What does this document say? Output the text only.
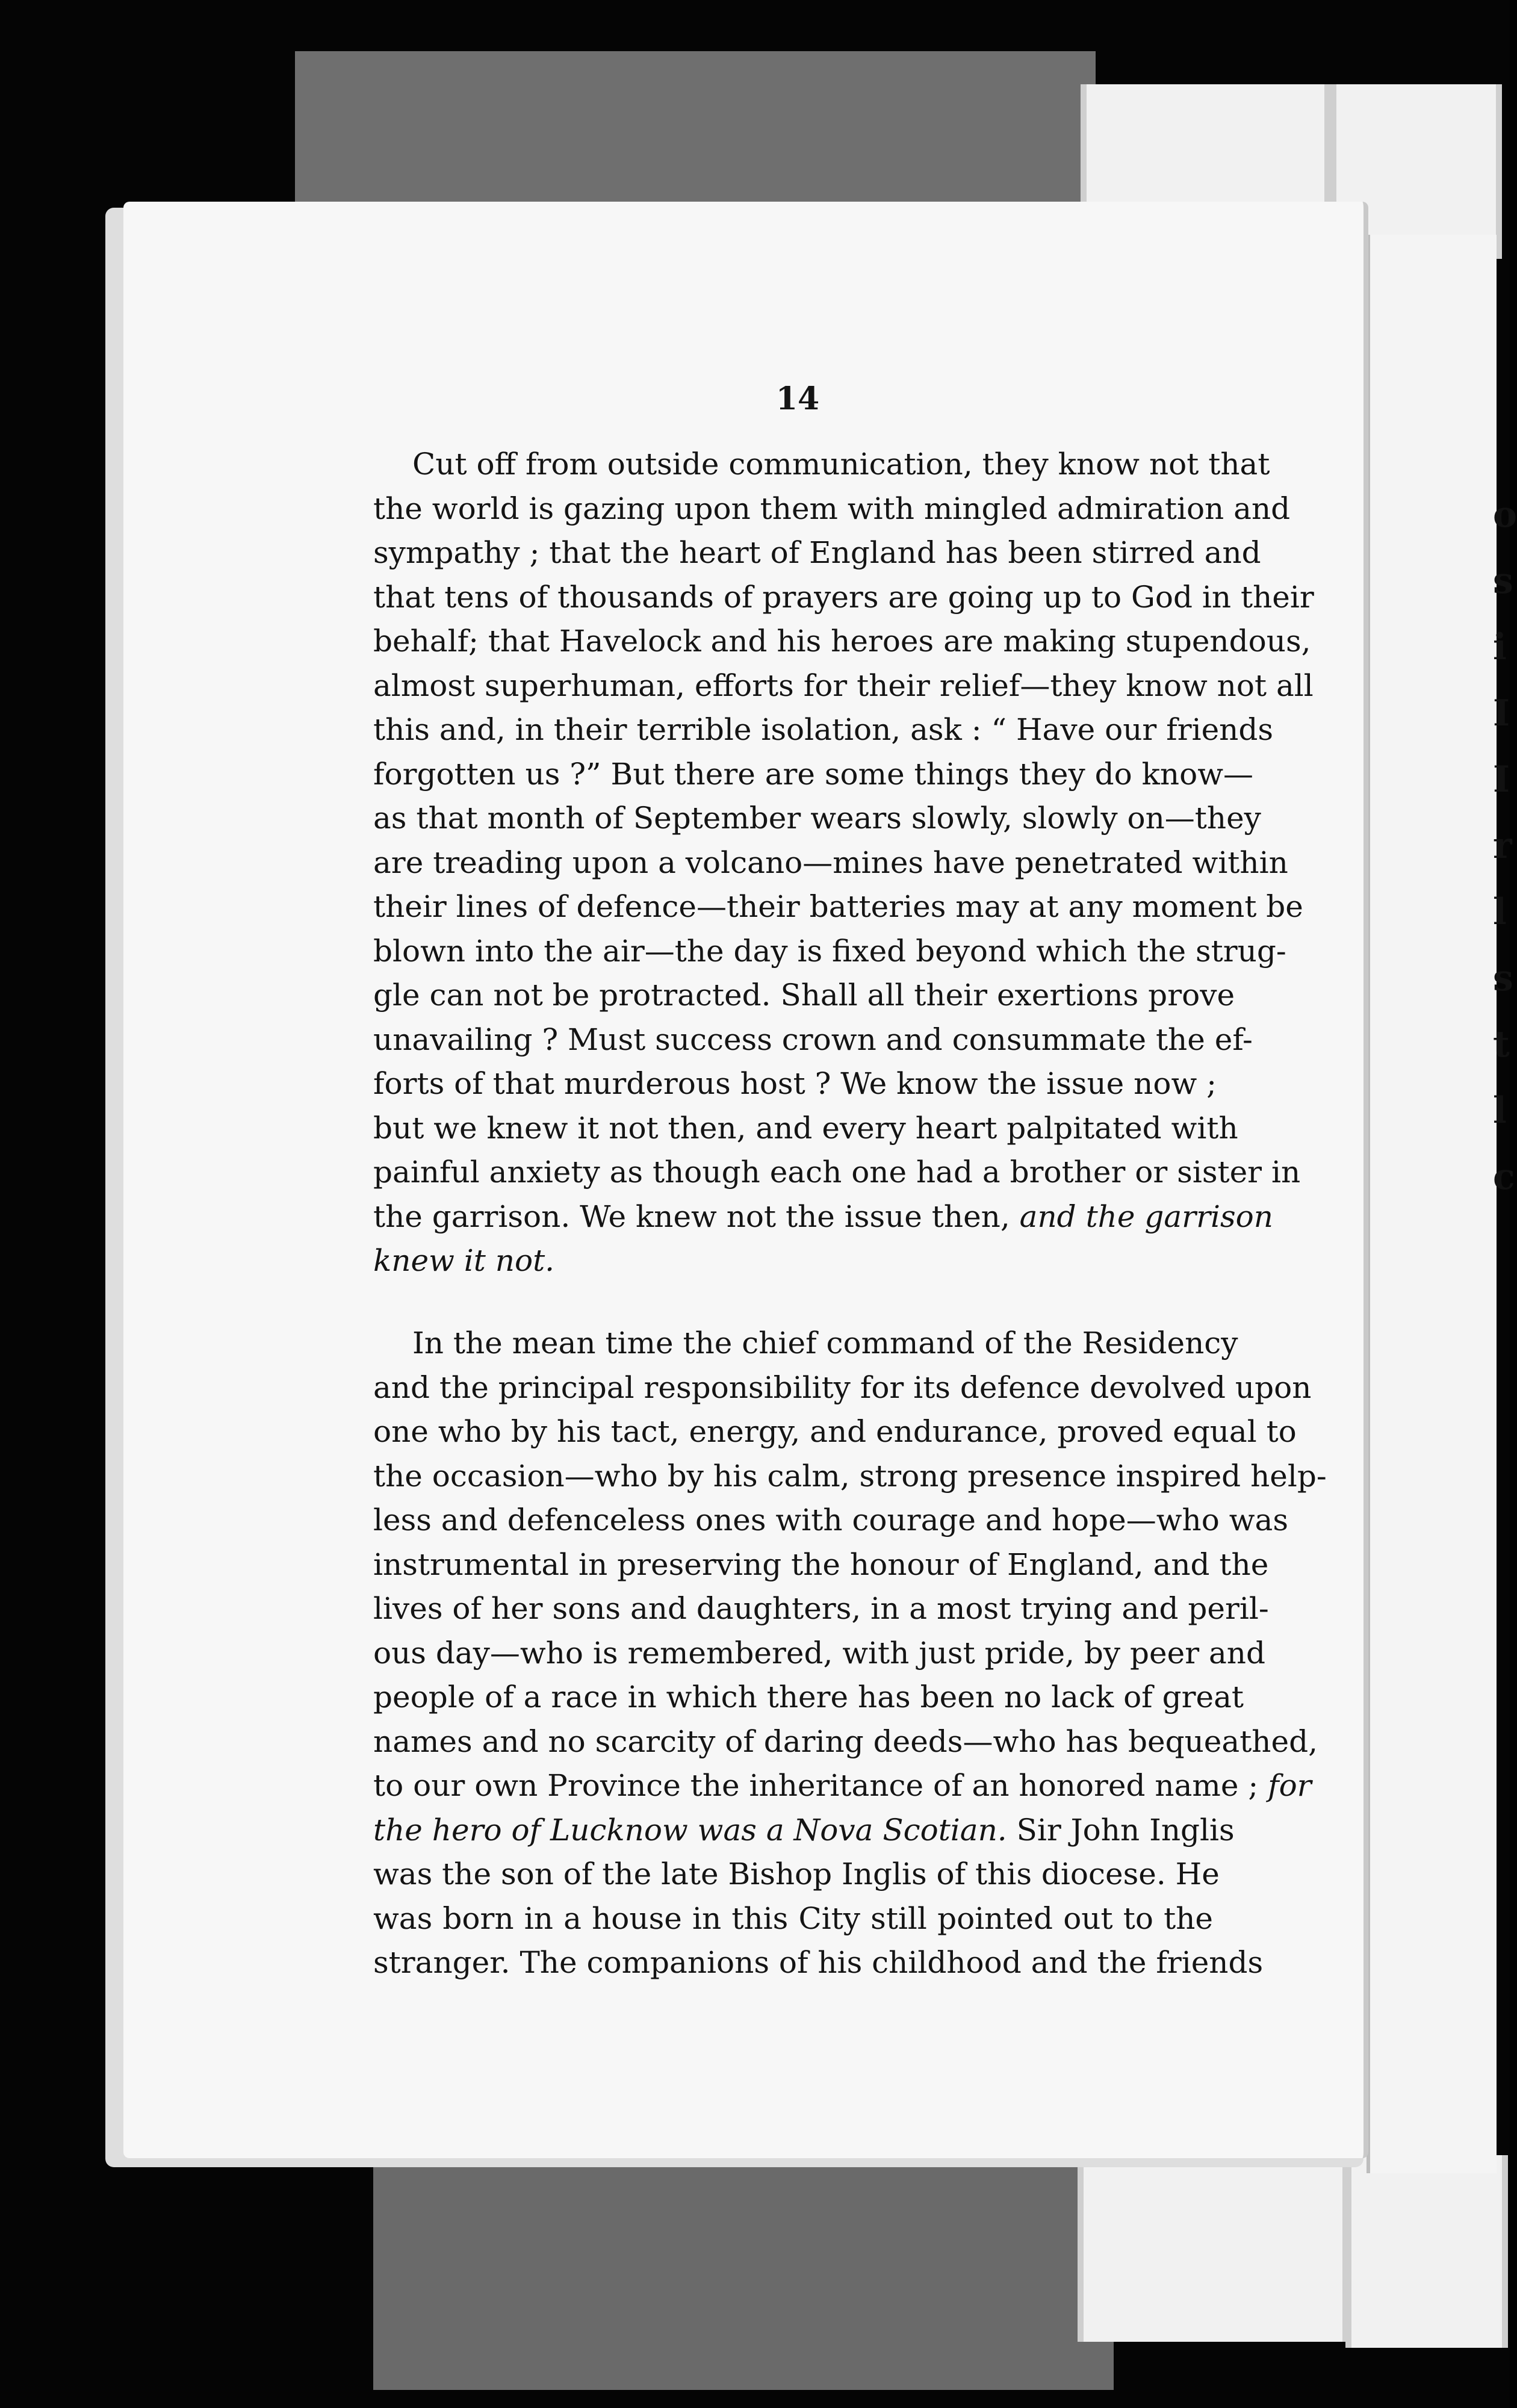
o
s
i
I
I
r
l
s
t
l
c
14
Cut off from outside communication, they know not that
the world is gazing upon them with mingled admiration and
sympathy ; that the heart of England has been stirred and
that tens of thousands of prayers are going up to God in their
behalf; that Havelock and his heroes are making stupendous,
almost superhuman, efforts for their relief—they know not all
this and, in their terrible isolation, ask : “ Have our friends
forgotten us ?” But there are some things they do know—
as that month of September wears slowly, slowly on—they
are treading upon a volcano—mines have penetrated within
their lines of defence—their batteries may at any moment be
blown into the air—the day is fixed beyond which the strug-
gle can not be protracted. Shall all their exertions prove
unavailing ? Must success crown and consummate the ef-
forts of that murderous host ? We know the issue now ;
but we knew it not then, and every heart palpitated with
painful anxiety as though each one had a brother or sister in
the garrison. We knew not the issue then, and the garrison
knew it not.
In the mean time the chief command of the Residency
and the principal responsibility for its defence devolved upon
one who by his tact, energy, and endurance, proved equal to
the occasion—who by his calm, strong presence inspired help-
less and defenceless ones with courage and hope—who was
instrumental in preserving the honour of England, and the
lives of her sons and daughters, in a most trying and peril-
ous day—who is remembered, with just pride, by peer and
people of a race in which there has been no lack of great
names and no scarcity of daring deeds—who has bequeathed,
to our own Province the inheritance of an honored name ; for
the hero of Lucknow was a Nova Scotian. Sir John Inglis
was the son of the late Bishop Inglis of this diocese. He
was born in a house in this City still pointed out to the
stranger. The companions of his childhood and the friends
